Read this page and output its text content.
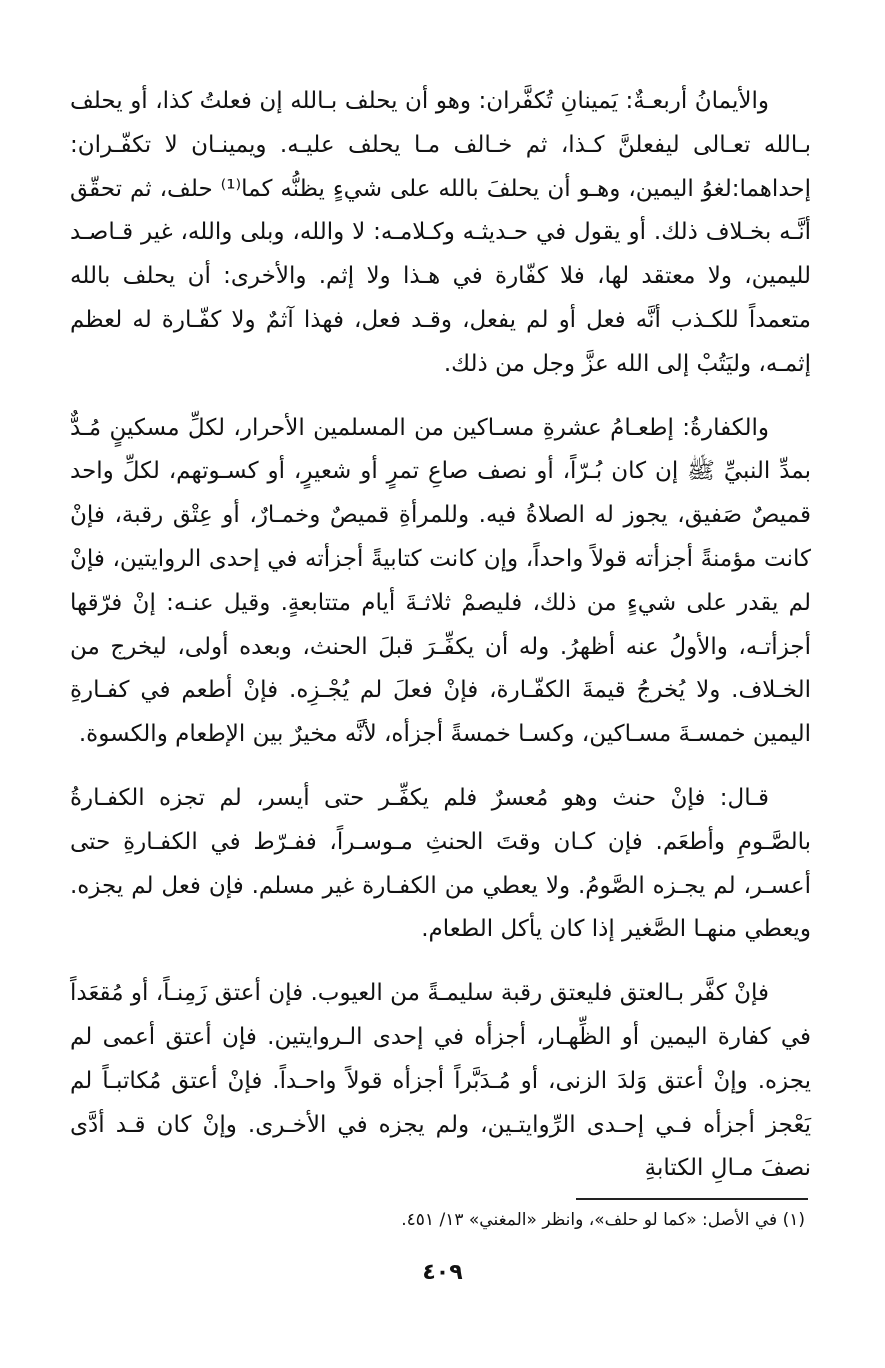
والأيمانُ أربعـةٌ: يَمينانِ تُكفَّران: وهو أن يحلف بـالله إن فعلتُ كذا، أو يحلف بـالله تعـالى ليفعلنَّ كـذا، ثم خـالف مـا يحلف عليـه. ويمينـان لا تكفّـران: إحداهما:لغوُ اليمين، وهـو أن يحلفَ بالله على شيءٍ يظنُّه كما⁽¹⁾ حلف، ثم تحقّق أنَّـه بخـلاف ذلك. أو يقول في حـديثـه وكـلامـه: لا والله، وبلى والله، غير قـاصـد لليمين، ولا معتقد لها، فلا كفّارة في هـذا ولا إثم. والأخرى: أن يحلف بالله متعمداً للكـذب أنَّه فعل أو لم يفعل، وقـد فعل، فهذا آثمٌ ولا كفّـارة له لعظم إثمـه، وليَتُبْ إلى الله عزَّ وجل من ذلك.

والكفارةُ: إطعـامُ عشرةِ مسـاكين من المسلمين الأحرار، لكلِّ مسكينٍ مُـدٌّ بمدِّ النبيِّ ﷺ إن كان بُـرّاً، أو نصف صاعِ تمرٍ أو شعيرٍ، أو كسـوتهم، لكلِّ واحد قميصٌ صَفيق، يجوز له الصلاةُ فيه. وللمرأةِ قميصٌ وخمـارٌ، أو عِتْق رقبة، فإنْ كانت مؤمنةً أجزأته قولاً واحداً، وإن كانت كتابيةً أجزأته في إحدى الروايتين، فإنْ لم يقدر على شيءٍ من ذلك، فليصمْ ثلاثـةَ أيام متتابعةٍ. وقيل عنـه: إنْ فرّقها أجزأتـه، والأولُ عنه أظهرُ. وله أن يكفِّـرَ قبلَ الحنث، وبعده أولى، ليخرج من الخـلاف. ولا يُخرجُ قيمةَ الكفّـارة، فإنْ فعلَ لم يُجْـزِه. فإنْ أطعم في كفـارةِ اليمين خمسـةَ مسـاكين، وكسـا خمسةً أجزأه، لأنَّه مخيرٌ بين الإطعام والكسوة.

قـال: فإنْ حنث وهو مُعسرٌ فلم يكفِّـر حتى أيسر، لم تجزه الكفـارةُ بالصَّـومِ وأطعَم. فإن كـان وقتَ الحنثِ مـوسـراً، ففـرّط في الكفـارةِ حتى أعسـر، لم يجـزه الصَّومُ. ولا يعطي من الكفـارة غير مسلم. فإن فعل لم يجزه. ويعطي منهـا الصَّغير إذا كان يأكل الطعام.

فإنْ كفَّر بـالعتق فليعتق رقبة سليمـةً من العيوب. فإن أعتق زَمِنـاً، أو مُقعَداً في كفارة اليمين أو الظِّهـار، أجزأه في إحدى الـروايتين. فإن أعتق أعمى لم يجزه. وإنْ أعتق وَلدَ الزنى، أو مُـدَبَّراً أجزأه قولاً واحـداً. فإنْ أعتق مُكاتبـاً لم يَعْجز أجزأه فـي إحـدى الرِّوايتـين، ولم يجزه في الأخـرى. وإنْ كان قـد أدَّى نصفَ مـالِ الكتابةِ

(١) في الأصل: «كما لو حلف»، وانظر «المغني» ١٣/ ٤٥١.
٤٠٩
